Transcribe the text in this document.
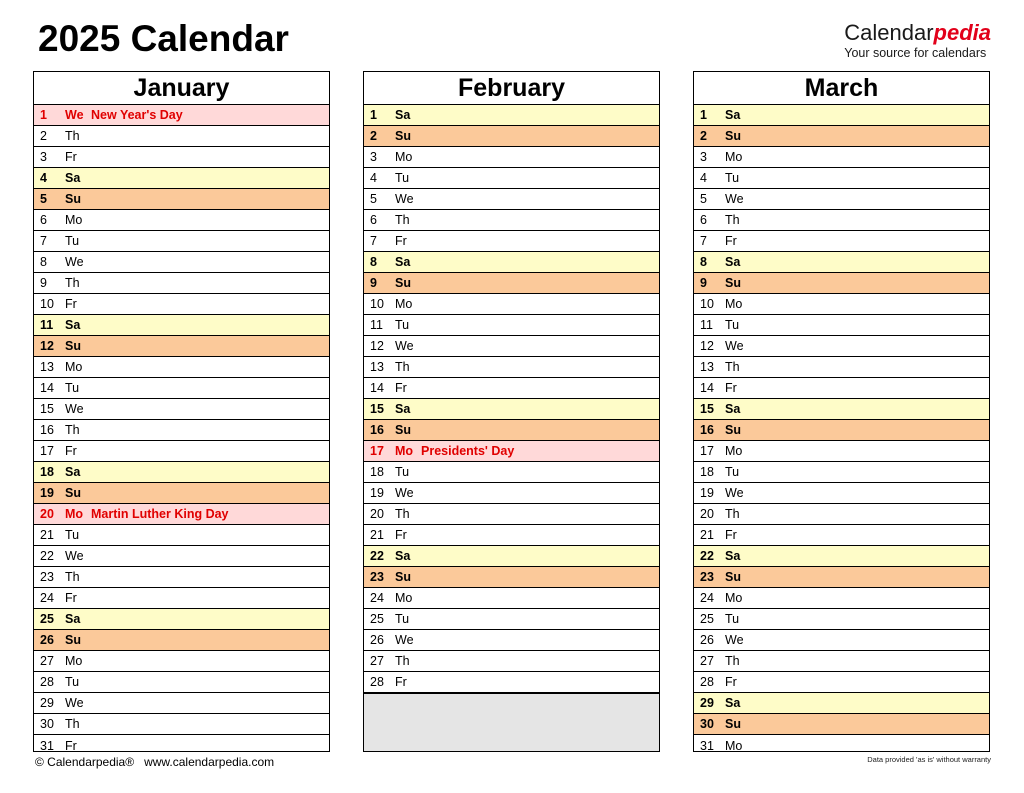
2025 Calendar	Calendarpedia
Your source for calendars
January
1	We New Year's Day
2	Th
3	Fr
4	Sa
5	Su
6	Mo
7	Tu
8	We
9	Th
10 Fr
11 Sa
12 Su
13 Mo
14 Tu
15 We
16 Th
17 Fr
18 Sa
19 Su
20 Mo Martin Luther King Day
21 Tu
22 We
23 Th
24 Fr
25 Sa
26 Su
27 Mo
28 Tu
29 We
30 Th
31 Fr
February
1	Sa
2	Su
3	Mo
4	Tu
5	We
6	Th
7	Fr
8	Sa
9	Su
10 Mo
11 Tu
12 We
13 Th
14 Fr
15 Sa
16 Su
17 Mo Presidents' Day
18 Tu
19 We
20 Th
21 Fr
22 Sa
23 Su
24 Mo
25 Tu
26 We
27 Th
28 Fr
March
1	Sa
2	Su
3	Mo
4	Tu
5	We
6	Th
7	Fr
8	Sa
9	Su
10 Mo
11 Tu
12 We
13 Th
14 Fr
15 Sa
16 Su
17 Mo
18 Tu
19 We
20 Th
21 Fr
22 Sa
23 Su
24 Mo
25 Tu
26 We
27 Th
28 Fr
29 Sa
30 Su
31 Mo
© Calendarpedia® www.calendarpedia.com	Data provided 'as is' without warranty
